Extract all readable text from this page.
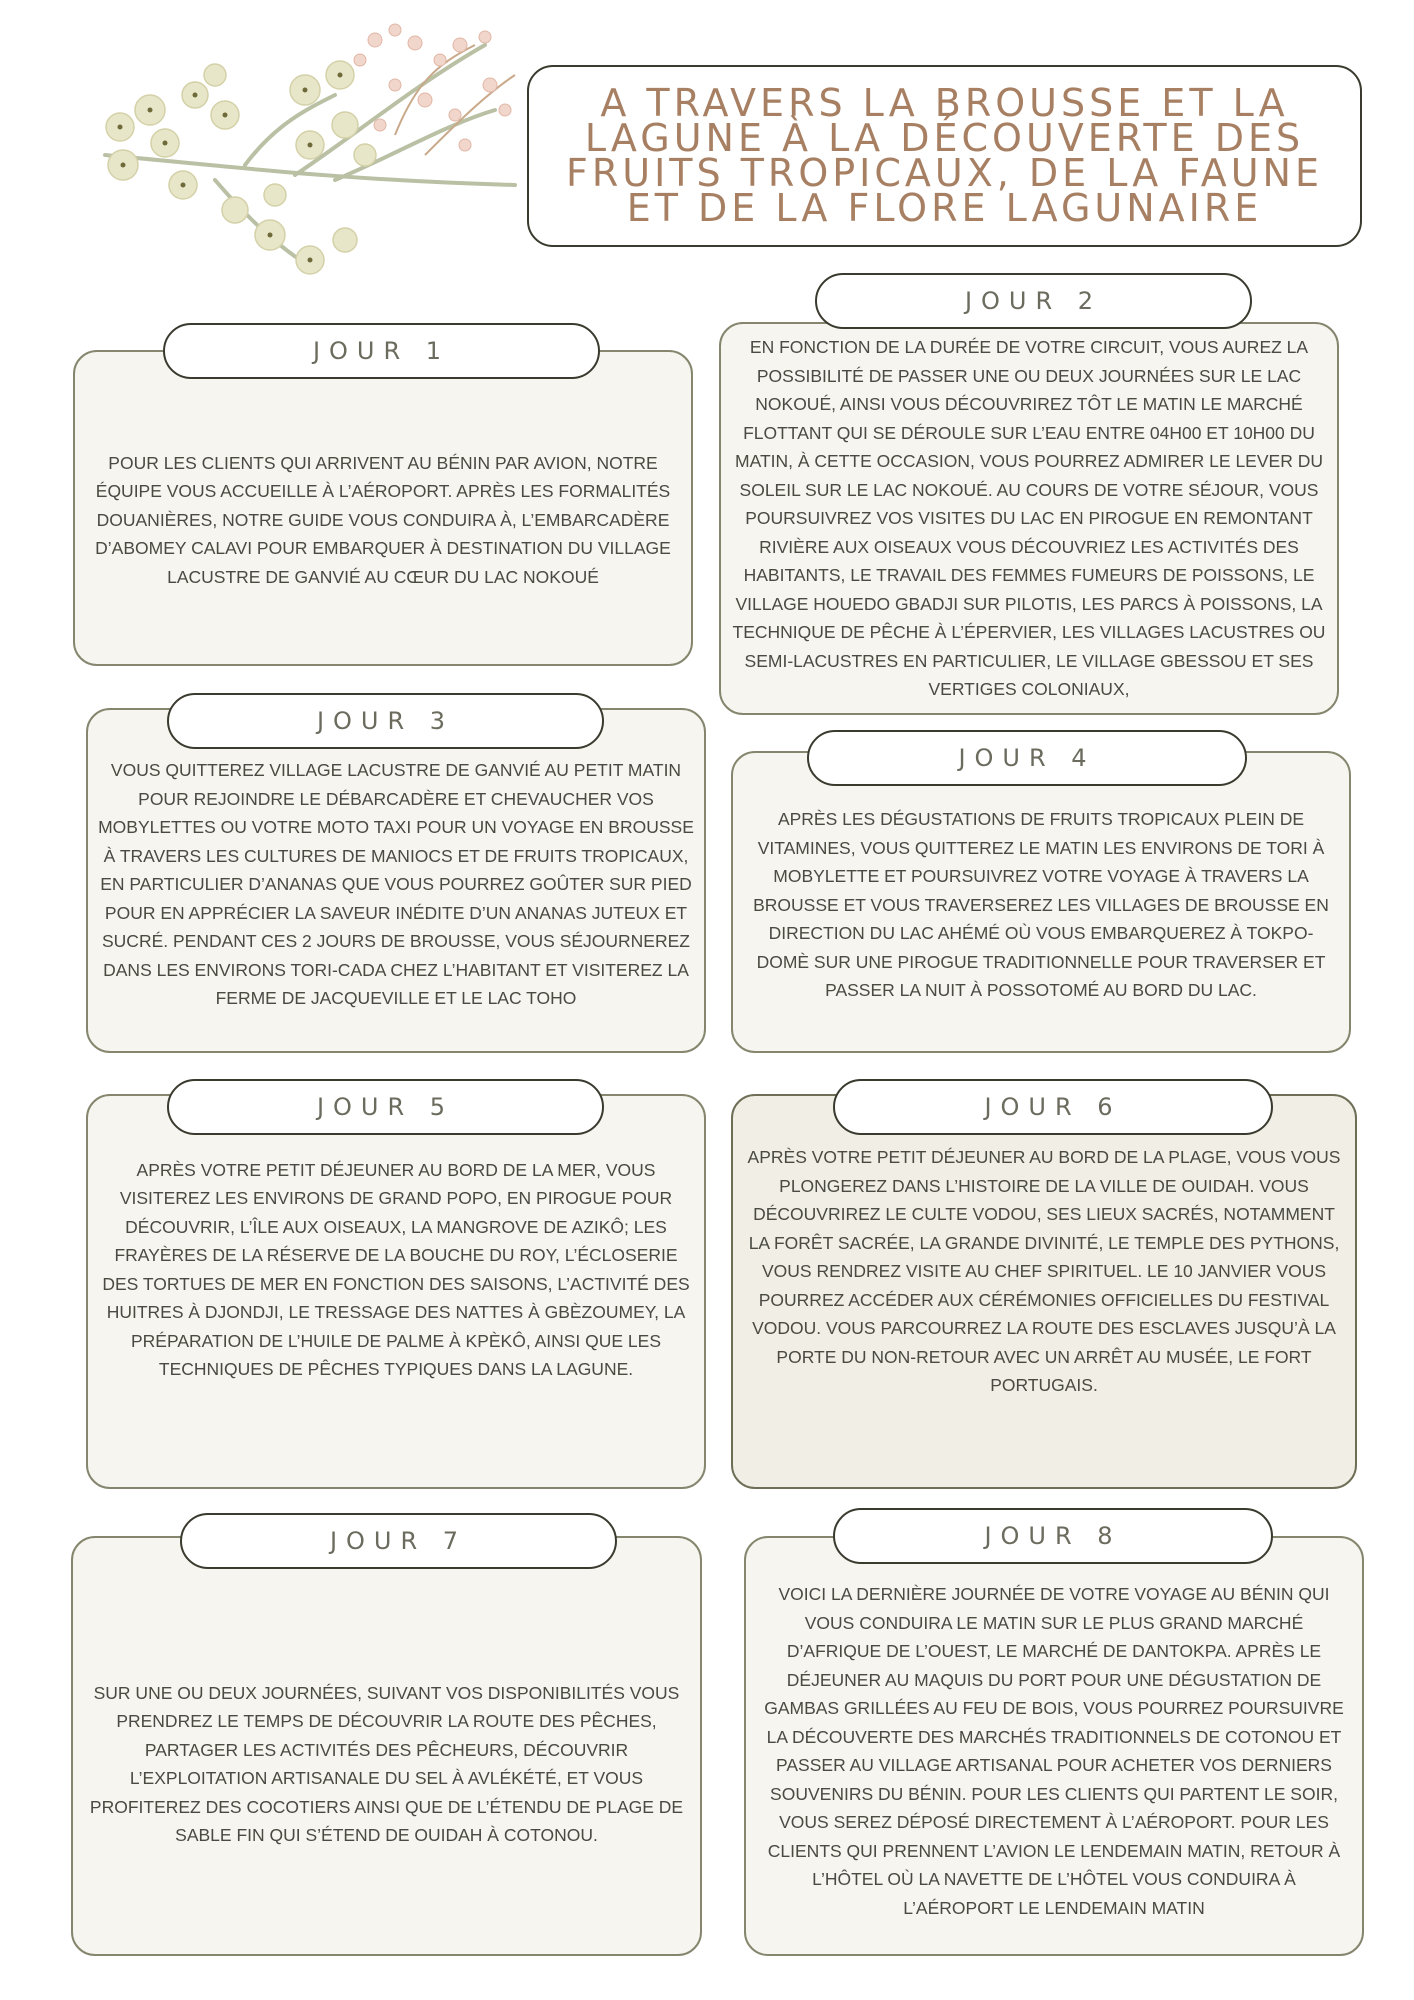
A TRAVERS LA BROUSSE ET LA LAGUNE À LA DÉCOUVERTE DES FRUITS TROPICAUX, DE LA FAUNE ET DE LA FLORE LAGUNAIRE

POUR LES CLIENTS QUI ARRIVENT AU BÉNIN PAR AVION, NOTRE ÉQUIPE VOUS ACCUEILLE À L’AÉROPORT. APRÈS LES FORMALITÉS DOUANIÈRES, NOTRE GUIDE VOUS CONDUIRA À, L’EMBARCADÈRE D’ABOMEY CALAVI POUR EMBARQUER À DESTINATION DU VILLAGE LACUSTRE DE GANVIÉ AU CŒUR DU LAC NOKOUÉ

JOUR 1	EN FONCTION DE LA DURÉE DE VOTRE CIRCUIT, VOUS AUREZ LA POSSIBILITÉ DE PASSER UNE OU DEUX JOURNÉES SUR LE LAC NOKOUÉ, AINSI VOUS DÉCOUVRIREZ TÔT LE MATIN LE MARCHÉ FLOTTANT QUI SE DÉROULE SUR L’EAU ENTRE 04H00 ET 10H00 DU MATIN, À CETTE OCCASION, VOUS POURREZ ADMIRER LE LEVER DU SOLEIL SUR LE LAC NOKOUÉ. AU COURS DE VOTRE SÉJOUR, VOUS POURSUIVREZ VOS VISITES DU LAC EN PIROGUE EN REMONTANT RIVIÈRE AUX OISEAUX VOUS DÉCOUVRIEZ LES ACTIVITÉS DES HABITANTS, LE TRAVAIL DES FEMMES FUMEURS DE POISSONS, LE VILLAGE HOUEDO GBADJI SUR PILOTIS, LES PARCS À POISSONS, LA TECHNIQUE DE PÊCHE À L’ÉPERVIER, LES VILLAGES LACUSTRES OU SEMI-LACUSTRES EN PARTICULIER, LE VILLAGE GBESSOU ET SES VERTIGES COLONIAUX,

JOUR 2

VOUS QUITTEREZ VILLAGE LACUSTRE DE GANVIÉ AU PETIT MATIN POUR REJOINDRE LE DÉBARCADÈRE ET CHEVAUCHER VOS MOBYLETTES OU VOTRE MOTO TAXI POUR UN VOYAGE EN BROUSSE À TRAVERS LES CULTURES DE MANIOCS ET DE FRUITS TROPICAUX, EN PARTICULIER D’ANANAS QUE VOUS POURREZ GOÛTER SUR PIED POUR EN APPRÉCIER LA SAVEUR INÉDITE D’UN ANANAS JUTEUX ET SUCRÉ. PENDANT CES 2 JOURS DE BROUSSE, VOUS SÉJOURNEREZ DANS LES ENVIRONS TORI-CADA CHEZ L’HABITANT ET VISITEREZ LA FERME DE JACQUEVILLE ET LE LAC TOHO

JOUR 3

APRÈS LES DÉGUSTATIONS DE FRUITS TROPICAUX PLEIN DE VITAMINES, VOUS QUITTEREZ LE MATIN LES ENVIRONS DE TORI À MOBYLETTE ET POURSUIVREZ VOTRE VOYAGE À TRAVERS LA BROUSSE ET VOUS TRAVERSEREZ LES VILLAGES DE BROUSSE EN DIRECTION DU LAC AHÉMÉ OÙ VOUS EMBARQUEREZ À TOKPO-DOMÈ SUR UNE PIROGUE TRADITIONNELLE POUR TRAVERSER ET PASSER LA NUIT À POSSOTOMÉ AU BORD DU LAC.

JOUR 4

APRÈS VOTRE PETIT DÉJEUNER AU BORD DE LA MER, VOUS VISITEREZ LES ENVIRONS DE GRAND POPO, EN PIROGUE POUR DÉCOUVRIR, L’ÎLE AUX OISEAUX, LA MANGROVE DE AZIKÔ; LES FRAYÈRES DE LA RÉSERVE DE LA BOUCHE DU ROY, L’ÉCLOSERIE DES TORTUES DE MER EN FONCTION DES SAISONS, L’ACTIVITÉ DES HUITRES À DJONDJI, LE TRESSAGE DES NATTES À GBÈZOUMEY, LA PRÉPARATION DE L’HUILE DE PALME À KPÈKÔ, AINSI QUE LES TECHNIQUES DE PÊCHES TYPIQUES DANS LA LAGUNE.

JOUR 5

APRÈS VOTRE PETIT DÉJEUNER AU BORD DE LA PLAGE, VOUS VOUS PLONGEREZ DANS L’HISTOIRE DE LA VILLE DE OUIDAH. VOUS DÉCOUVRIREZ LE CULTE VODOU, SES LIEUX SACRÉS, NOTAMMENT LA FORÊT SACRÉE, LA GRANDE DIVINITÉ, LE TEMPLE DES PYTHONS, VOUS RENDREZ VISITE AU CHEF SPIRITUEL. LE 10 JANVIER VOUS POURREZ ACCÉDER AUX CÉRÉMONIES OFFICIELLES DU FESTIVAL VODOU. VOUS PARCOURREZ LA ROUTE DES ESCLAVES JUSQU’À LA PORTE DU NON-RETOUR AVEC UN ARRÊT AU MUSÉE, LE FORT PORTUGAIS.

JOUR 6

SUR UNE OU DEUX JOURNÉES, SUIVANT VOS DISPONIBILITÉS VOUS PRENDREZ LE TEMPS DE DÉCOUVRIR LA ROUTE DES PÊCHES, PARTAGER LES ACTIVITÉS DES PÊCHEURS, DÉCOUVRIR L’EXPLOITATION ARTISANALE DU SEL À AVLÉKÉTÉ, ET VOUS PROFITEREZ DES COCOTIERS AINSI QUE DE L’ÉTENDU DE PLAGE DE SABLE FIN QUI S’ÉTEND DE OUIDAH À COTONOU.

JOUR 7

VOICI LA DERNIÈRE JOURNÉE DE VOTRE VOYAGE AU BÉNIN QUI VOUS CONDUIRA LE MATIN SUR LE PLUS GRAND MARCHÉ D’AFRIQUE DE L’OUEST, LE MARCHÉ DE DANTOKPA. APRÈS LE DÉJEUNER AU MAQUIS DU PORT POUR UNE DÉGUSTATION DE GAMBAS GRILLÉES AU FEU DE BOIS, VOUS POURREZ POURSUIVRE LA DÉCOUVERTE DES MARCHÉS TRADITIONNELS DE COTONOU ET PASSER AU VILLAGE ARTISANAL POUR ACHETER VOS DERNIERS SOUVENIRS DU BÉNIN. POUR LES CLIENTS QUI PARTENT LE SOIR, VOUS SEREZ DÉPOSÉ DIRECTEMENT À L’AÉROPORT. POUR LES CLIENTS QUI PRENNENT L’AVION LE LENDEMAIN MATIN, RETOUR À L’HÔTEL OÙ LA NAVETTE DE L’HÔTEL VOUS CONDUIRA À L’AÉROPORT LE LENDEMAIN MATIN

JOUR 8
